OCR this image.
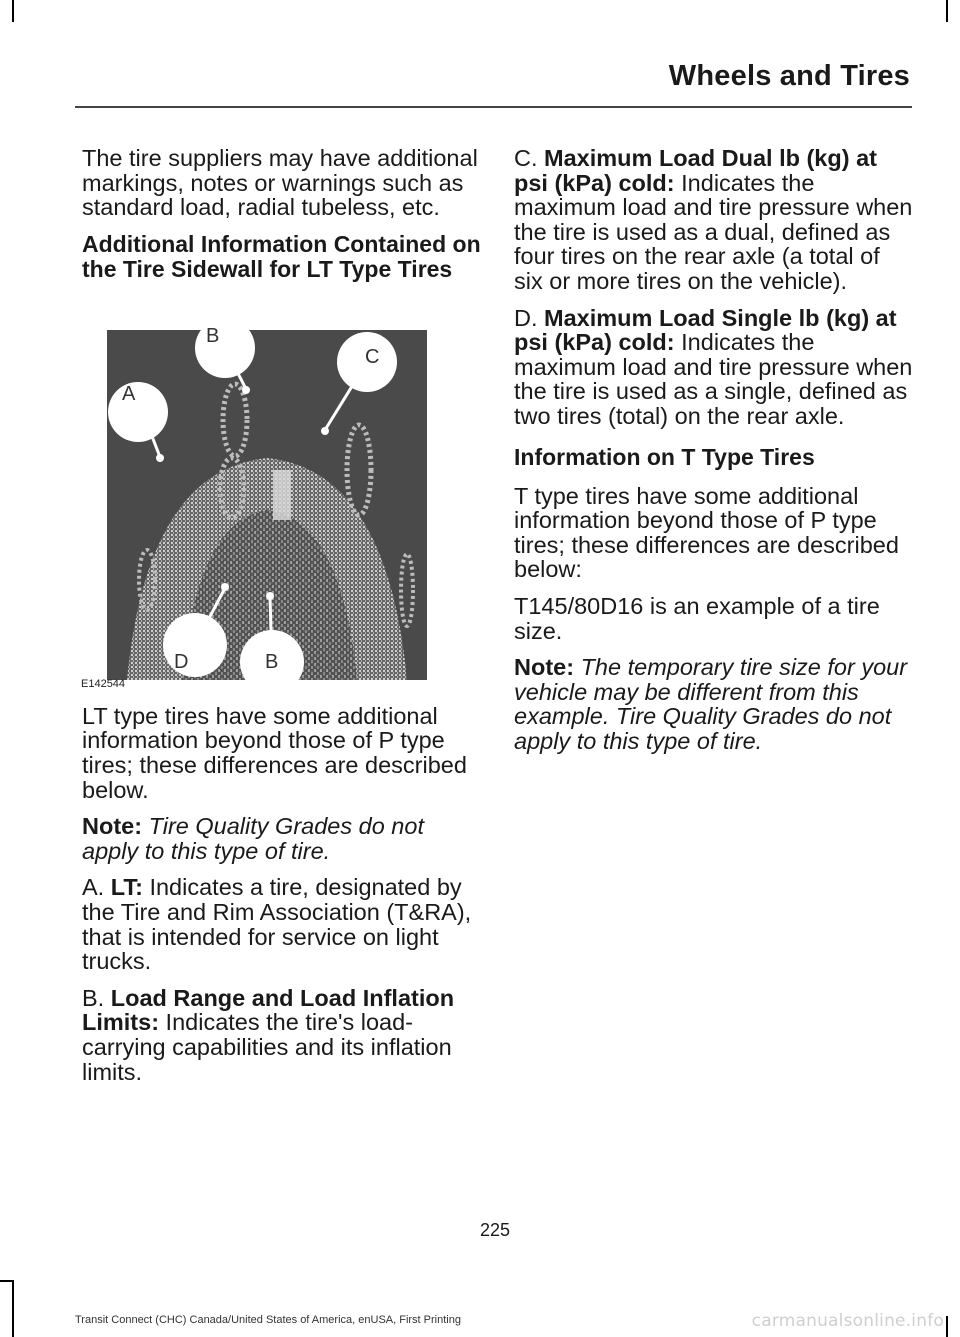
Wheels and Tires

The tire suppliers may have additional markings, notes or warnings such as standard load, radial tubeless, etc.

Additional Information Contained on the Tire Sidewall for LT Type Tires

A
B
C
D	B
E142544

LT type tires have some additional information beyond those of P type tires; these differences are described below.

Note: Tire Quality Grades do not apply to this type of tire.

A. LT: Indicates a tire, designated by the Tire and Rim Association (T&RA), that is intended for service on light trucks.

B. Load Range and Load Inflation Limits: Indicates the tire's load-carrying capabilities and its inflation limits.

C. Maximum Load Dual lb (kg) at psi (kPa) cold: Indicates the maximum load and tire pressure when the tire is used as a dual, defined as four tires on the rear axle (a total of six or more tires on the vehicle).

D. Maximum Load Single lb (kg) at psi (kPa) cold: Indicates the maximum load and tire pressure when the tire is used as a single, defined as two tires (total) on the rear axle.

Information on T Type Tires

T type tires have some additional information beyond those of P type tires; these differences are described below:

T145/80D16 is an example of a tire size.

Note: The temporary tire size for your vehicle may be different from this example. Tire Quality Grades do not apply to this type of tire.

225
Transit Connect (CHC) Canada/United States of America, enUSA, First Printing	carmanualsonline.info
